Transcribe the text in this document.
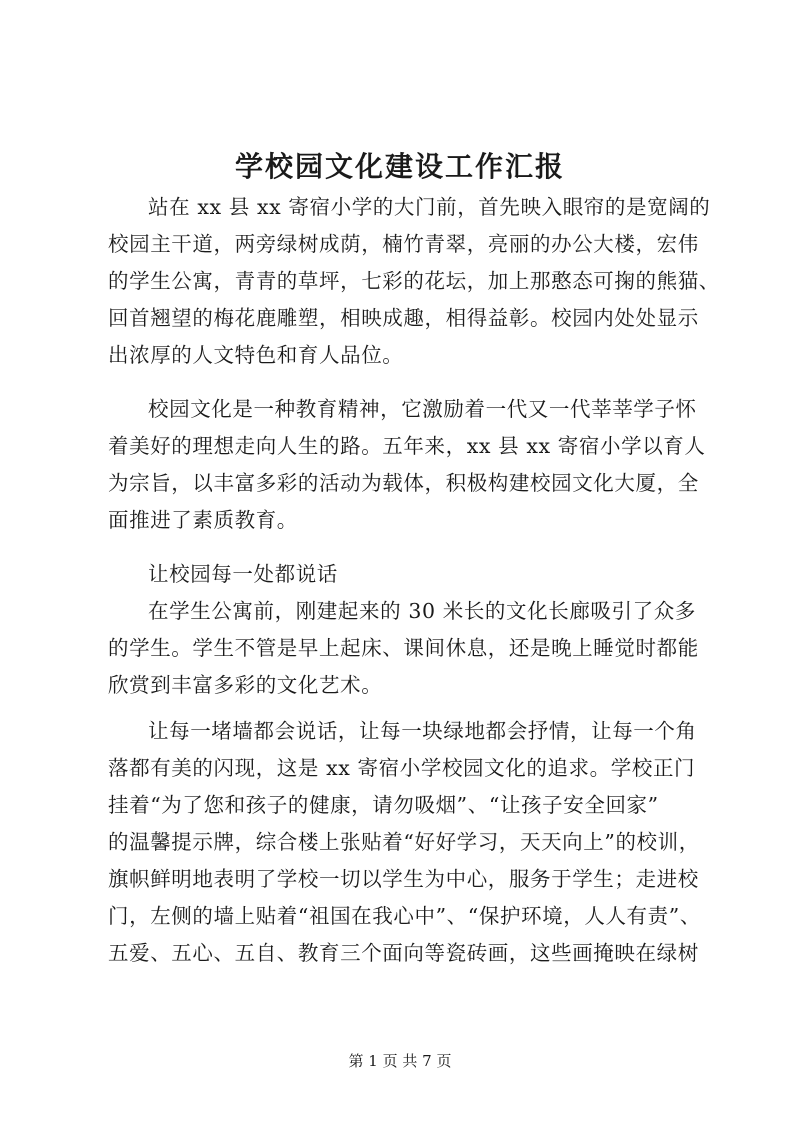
学校园文化建设工作汇报

站在 xx 县 xx 寄宿小学的大门前，首先映入眼帘的是宽阔的

校园主干道，两旁绿树成荫，楠竹青翠，亮丽的办公大楼，宏伟

的学生公寓，青青的草坪，七彩的花坛，加上那憨态可掬的熊猫、

回首翘望的梅花鹿雕塑，相映成趣，相得益彰。校园内处处显示

出浓厚的人文特色和育人品位。

校园文化是一种教育精神，它激励着一代又一代莘莘学子怀

着美好的理想走向人生的路。五年来，xx 县 xx 寄宿小学以育人

为宗旨，以丰富多彩的活动为载体，积极构建校园文化大厦，全

面推进了素质教育。

让校园每一处都说话

在学生公寓前，刚建起来的 30 米长的文化长廊吸引了众多

的学生。学生不管是早上起床、课间休息，还是晚上睡觉时都能

欣赏到丰富多彩的文化艺术。

让每一堵墙都会说话，让每一块绿地都会抒情，让每一个角

落都有美的闪现，这是 xx 寄宿小学校园文化的追求。学校正门

挂着“为了您和孩子的健康，请勿吸烟”、“让孩子安全回家”

的温馨提示牌，综合楼上张贴着“好好学习，天天向上”的校训，

旗帜鲜明地表明了学校一切以学生为中心，服务于学生；走进校

门，左侧的墙上贴着“祖国在我心中”、“保护环境，人人有责”、

五爱、五心、五自、教育三个面向等瓷砖画，这些画掩映在绿树

第 1 页 共 7 页
